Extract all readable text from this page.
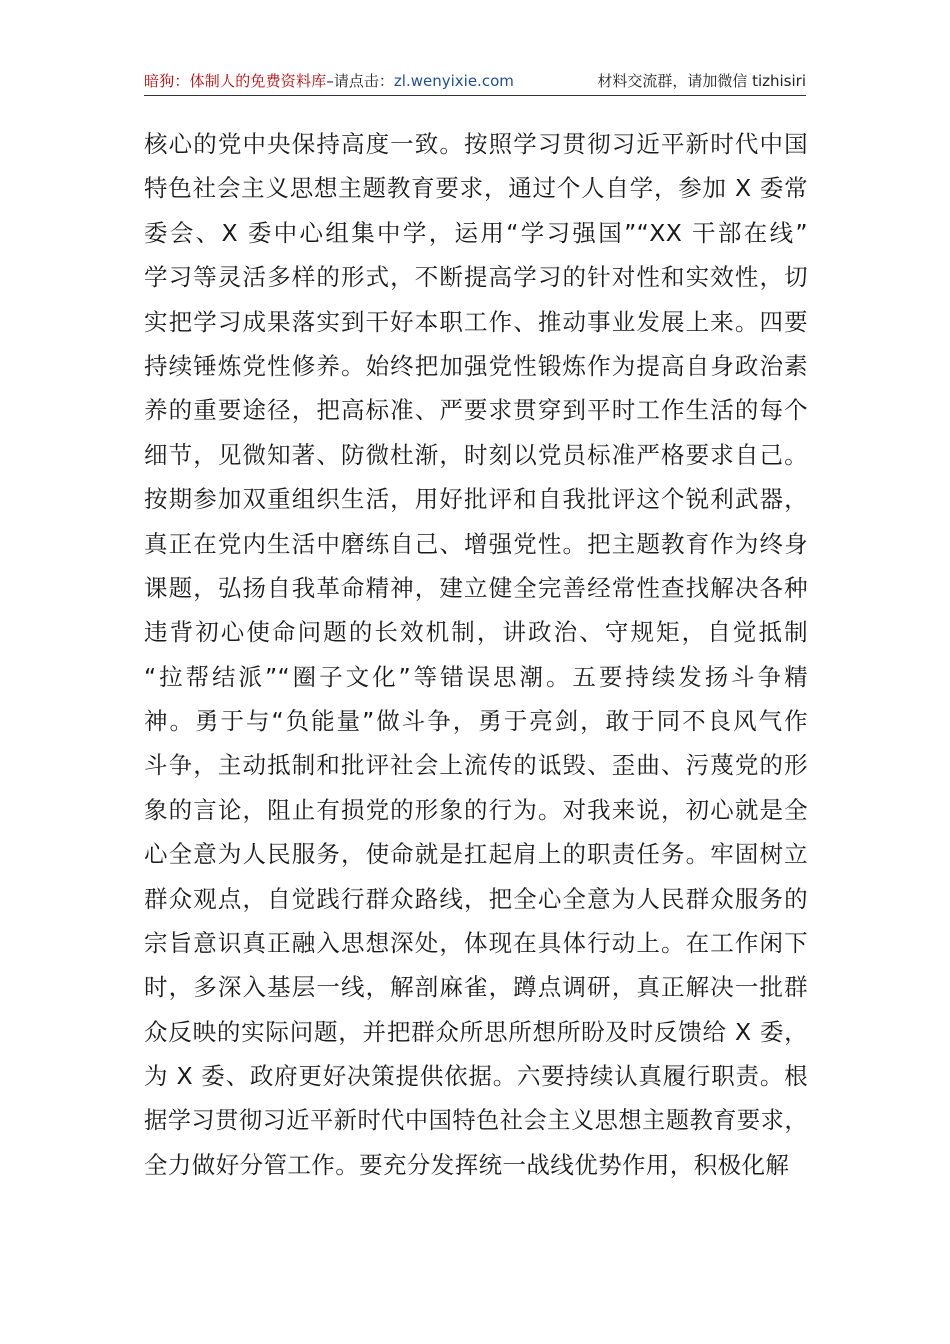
暗狗：体制人的免费资料库 –请点击： zl.wenyixie.com	材料交流群，请加微信 tizhisiri
核心的党中央保持高度一致。按照学习贯彻习近平新时代中国
特色社会主义思想主题教育要求，通过个人自学，参加 X 委常
委会、X 委中心组集中学，运用“学习强国”“XX 干部在线”
学习等灵活多样的形式，不断提高学习的针对性和实效性，切
实把学习成果落实到干好本职工作、推动事业发展上来。四要
持续锤炼党性修养。始终把加强党性锻炼作为提高自身政治素
养的重要途径，把高标准、严要求贯穿到平时工作生活的每个
细节，见微知著、防微杜渐，时刻以党员标准严格要求自己。
按期参加双重组织生活，用好批评和自我批评这个锐利武器，
真正在党内生活中磨练自己、增强党性。把主题教育作为终身
课题，弘扬自我革命精神，建立健全完善经常性查找解决各种
违背初心使命问题的长效机制，讲政治、守规矩，自觉抵制
“拉帮结派”“圈子文化”等错误思潮。五要持续发扬斗争精
神。勇于与“负能量”做斗争，勇于亮剑，敢于同不良风气作
斗争，主动抵制和批评社会上流传的诋毁、歪曲、污蔑党的形
象的言论，阻止有损党的形象的行为。对我来说，初心就是全
心全意为人民服务，使命就是扛起肩上的职责任务。牢固树立
群众观点，自觉践行群众路线，把全心全意为人民群众服务的
宗旨意识真正融入思想深处，体现在具体行动上。在工作闲下
时，多深入基层一线，解剖麻雀，蹲点调研，真正解决一批群
众反映的实际问题，并把群众所思所想所盼及时反馈给 X 委，
为 X 委、政府更好决策提供依据。六要持续认真履行职责。根
据学习贯彻习近平新时代中国特色社会主义思想主题教育要求，
全力做好分管工作。要充分发挥统一战线优势作用，积极化解
